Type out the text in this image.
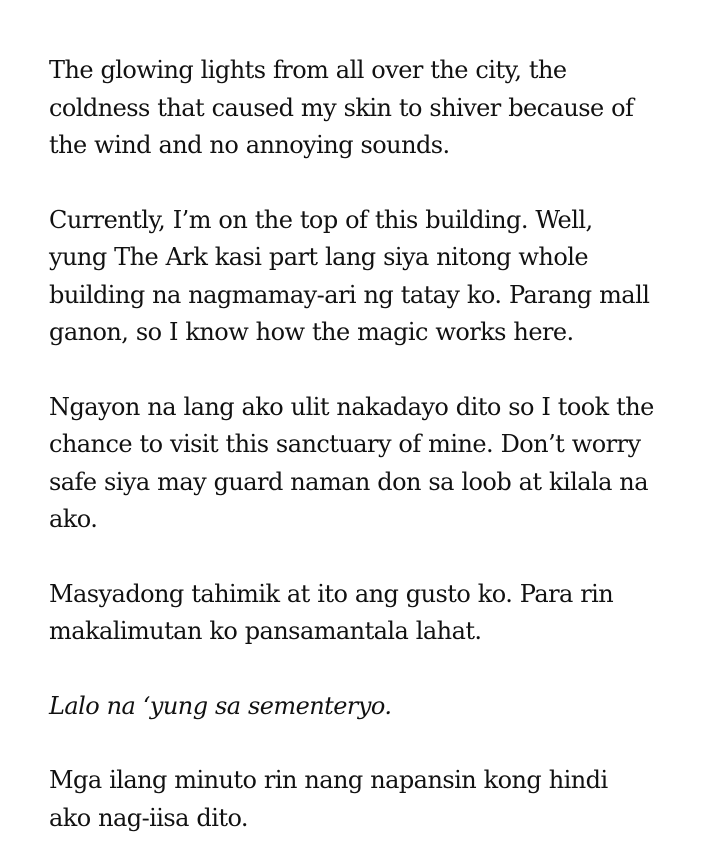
The glowing lights from all over the city, the
coldness that caused my skin to shiver because of
the wind and no annoying sounds.

Currently, I’m on the top of this building. Well,
yung The Ark kasi part lang siya nitong whole
building na nagmamay-ari ng tatay ko. Parang mall
ganon, so I know how the magic works here.

Ngayon na lang ako ulit nakadayo dito so I took the
chance to visit this sanctuary of mine. Don’t worry
safe siya may guard naman don sa loob at kilala na
ako.

Masyadong tahimik at ito ang gusto ko. Para rin
makalimutan ko pansamantala lahat.

Lalo na ‘yung sa sementeryo.

Mga ilang minuto rin nang napansin kong hindi
ako nag-iisa dito.
